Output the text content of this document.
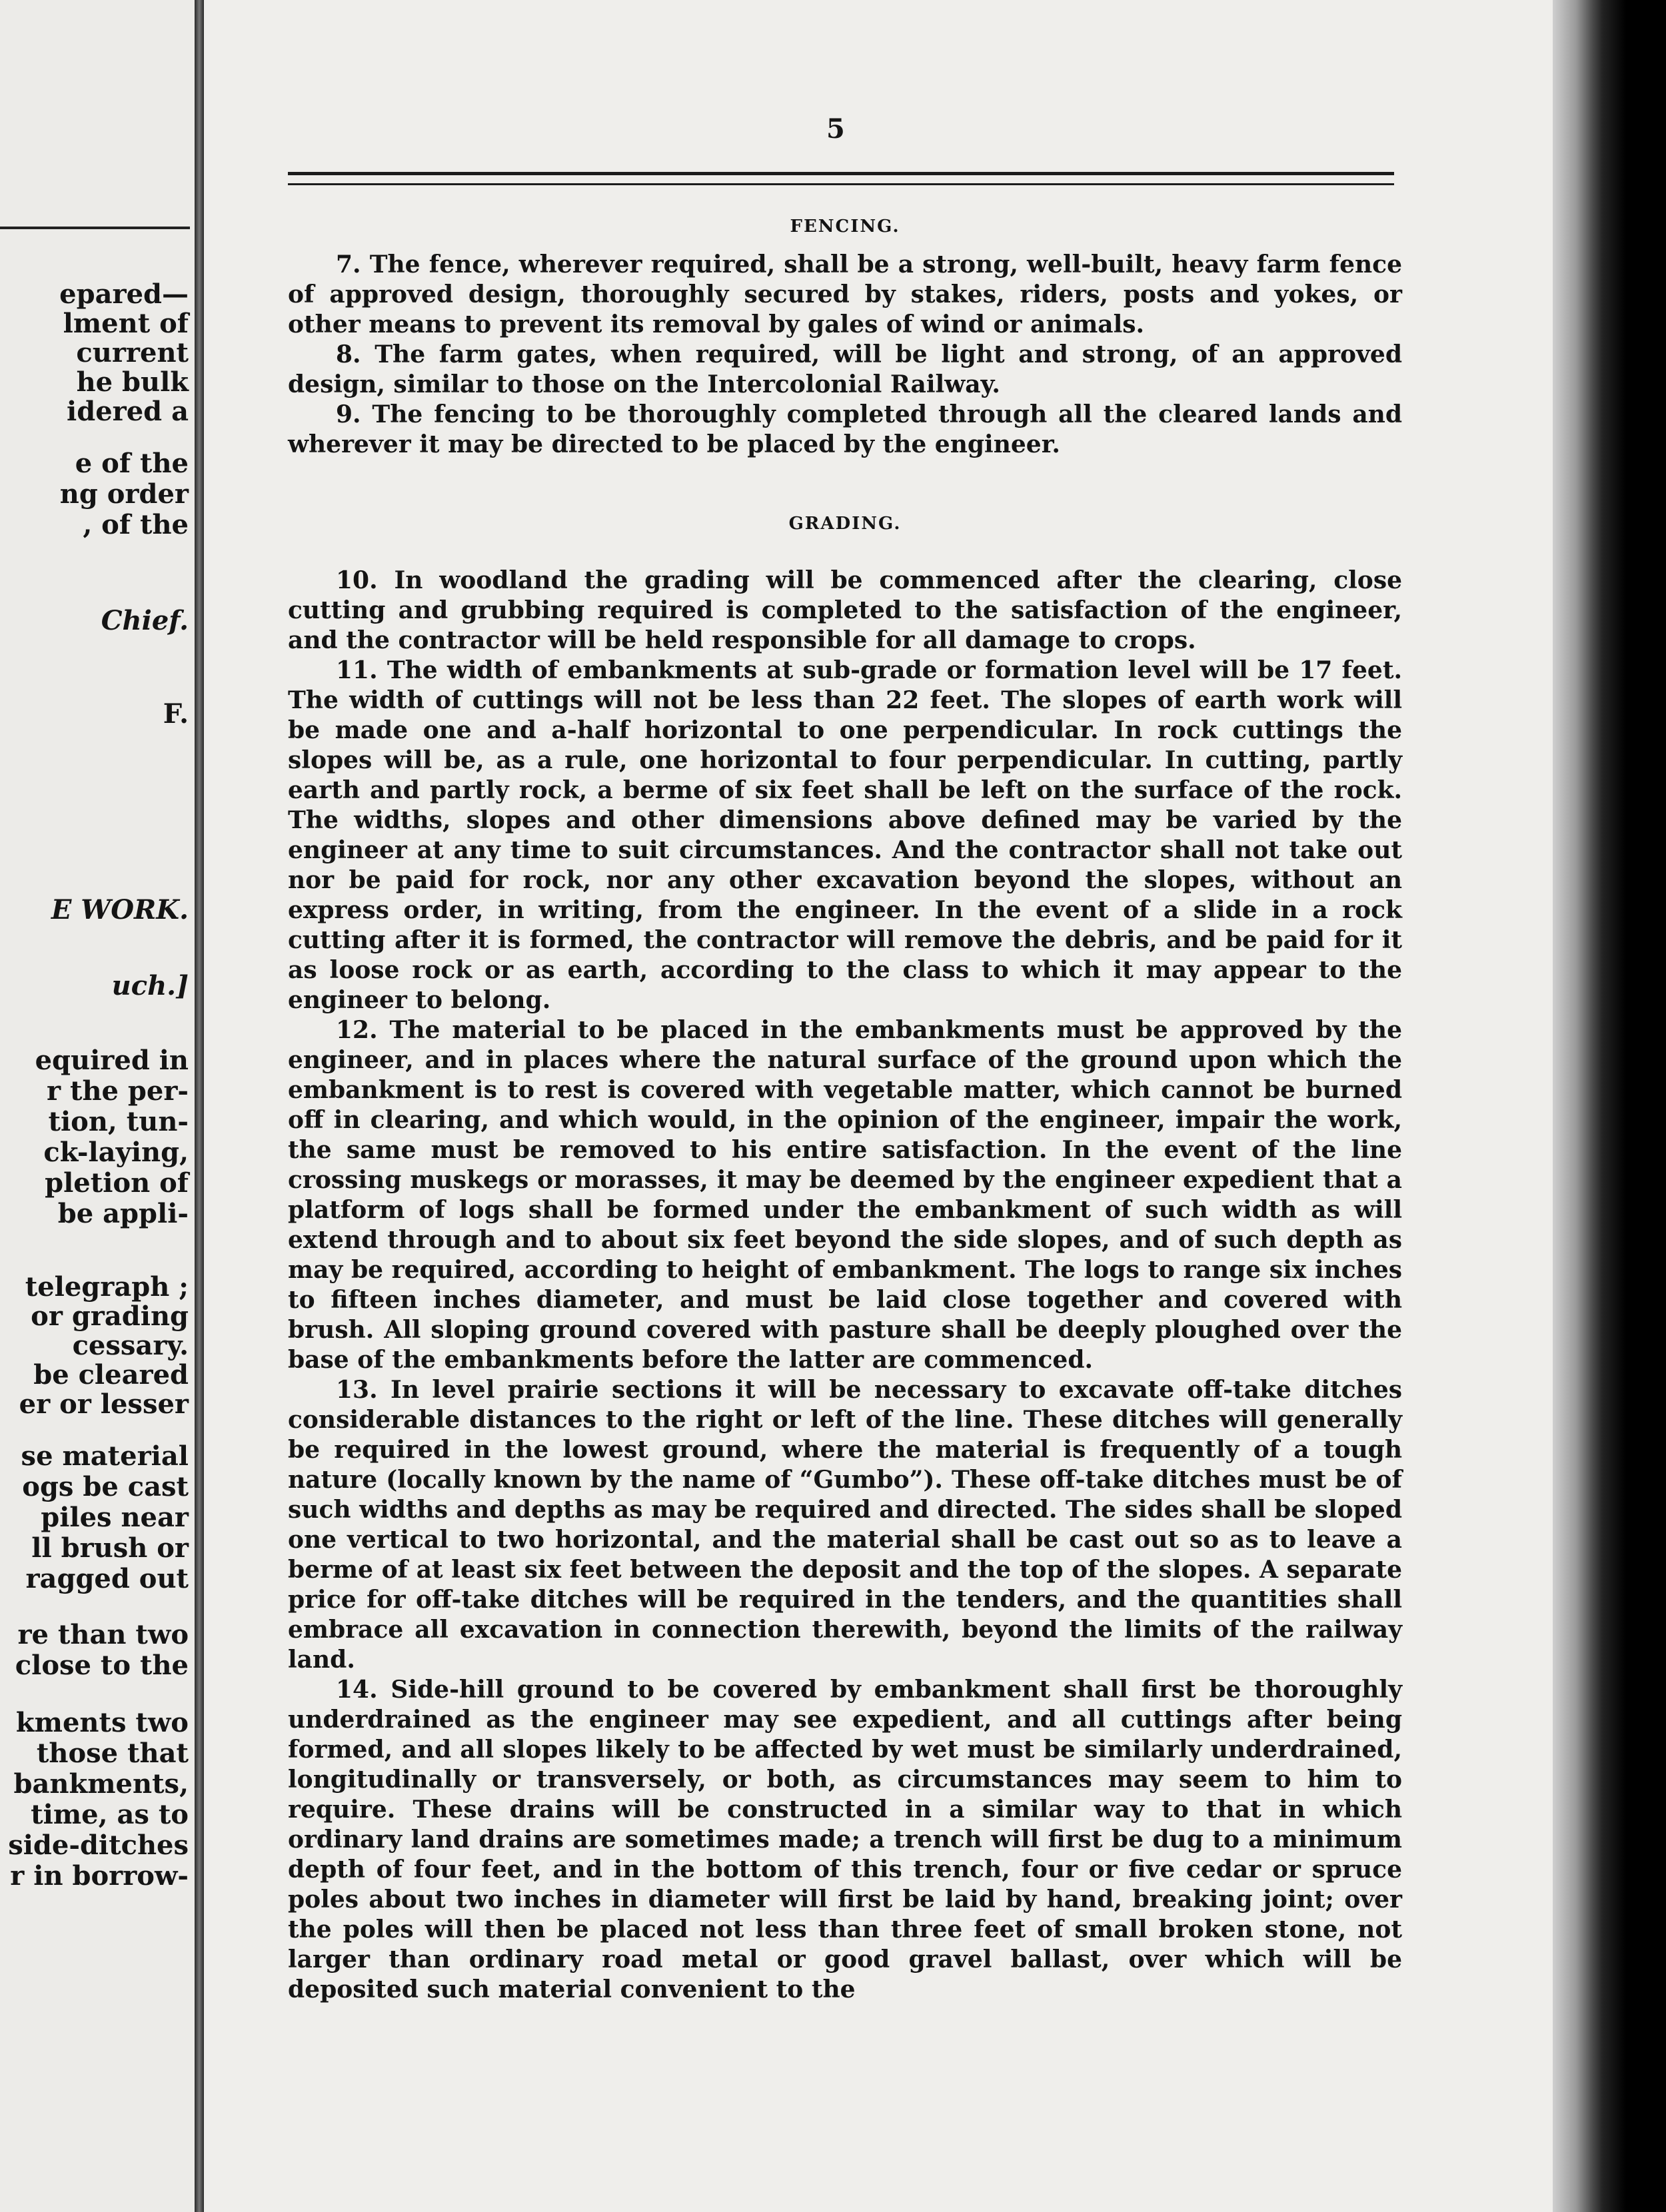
epared—

lment of

current

he bulk

idered a

e of the

ng order

, of the

Chief.

F.

E WORK.

uch.]

equired in

r the per-

tion, tun-

ck-laying,

pletion of

be appli-

telegraph ;

or grading

cessary.

be cleared

er or lesser

se material

ogs be cast

piles near

ll brush or

ragged out

re than two

close to the

kments two

those that

bankments,

time, as to

side-ditches

r in borrow-

5

FENCING.

7. The fence, wherever required, shall be a strong, well-built, heavy farm fence of approved design, thoroughly secured by stakes, riders, posts and yokes, or other means to prevent its removal by gales of wind or animals.

8. The farm gates, when required, will be light and strong, of an approved design, similar to those on the Intercolonial Railway.

9. The fencing to be thoroughly completed through all the cleared lands and wherever it may be directed to be placed by the engineer.

GRADING.

10. In woodland the grading will be commenced after the clearing, close cutting and grubbing required is completed to the satisfaction of the engineer, and the contractor will be held responsible for all damage to crops.

11. The width of embankments at sub-grade or formation level will be 17 feet. The width of cuttings will not be less than 22 feet. The slopes of earth work will be made one and a-half horizontal to one perpendicular. In rock cuttings the slopes will be, as a rule, one horizontal to four perpendicular. In cutting, partly earth and partly rock, a berme of six feet shall be left on the surface of the rock. The widths, slopes and other dimensions above defined may be varied by the engineer at any time to suit circumstances. And the contractor shall not take out nor be paid for rock, nor any other excavation beyond the slopes, without an express order, in writing, from the engineer. In the event of a slide in a rock cutting after it is formed, the contractor will remove the debris, and be paid for it as loose rock or as earth, according to the class to which it may appear to the engineer to belong.

12. The material to be placed in the embankments must be approved by the engineer, and in places where the natural surface of the ground upon which the embankment is to rest is covered with vegetable matter, which cannot be burned off in clearing, and which would, in the opinion of the engineer, impair the work, the same must be removed to his entire satisfaction. In the event of the line crossing muskegs or morasses, it may be deemed by the engineer expedient that a platform of logs shall be formed under the embankment of such width as will extend through and to about six feet beyond the side slopes, and of such depth as may be required, according to height of embankment. The logs to range six inches to fifteen inches diameter, and must be laid close together and covered with brush. All sloping ground covered with pasture shall be deeply ploughed over the base of the embankments before the latter are commenced.

13. In level prairie sections it will be necessary to excavate off-take ditches considerable distances to the right or left of the line. These ditches will generally be required in the lowest ground, where the material is frequently of a tough nature (locally known by the name of “Gumbo”). These off-take ditches must be of such widths and depths as may be required and directed. The sides shall be sloped one vertical to two horizontal, and the material shall be cast out so as to leave a berme of at least six feet between the deposit and the top of the slopes. A separate price for off-take ditches will be required in the tenders, and the quantities shall embrace all excavation in connection therewith, beyond the limits of the railway land.

14. Side-hill ground to be covered by embankment shall first be thoroughly underdrained as the engineer may see expedient, and all cuttings after being formed, and all slopes likely to be affected by wet must be similarly underdrained, longitudinally or transversely, or both, as circumstances may seem to him to require. These drains will be constructed in a similar way to that in which ordinary land drains are sometimes made; a trench will first be dug to a minimum depth of four feet, and in the bottom of this trench, four or five cedar or spruce poles about two inches in diameter will first be laid by hand, breaking joint; over the poles will then be placed not less than three feet of small broken stone, not larger than ordinary road metal or good gravel ballast, over which will be deposited such material convenient to the
